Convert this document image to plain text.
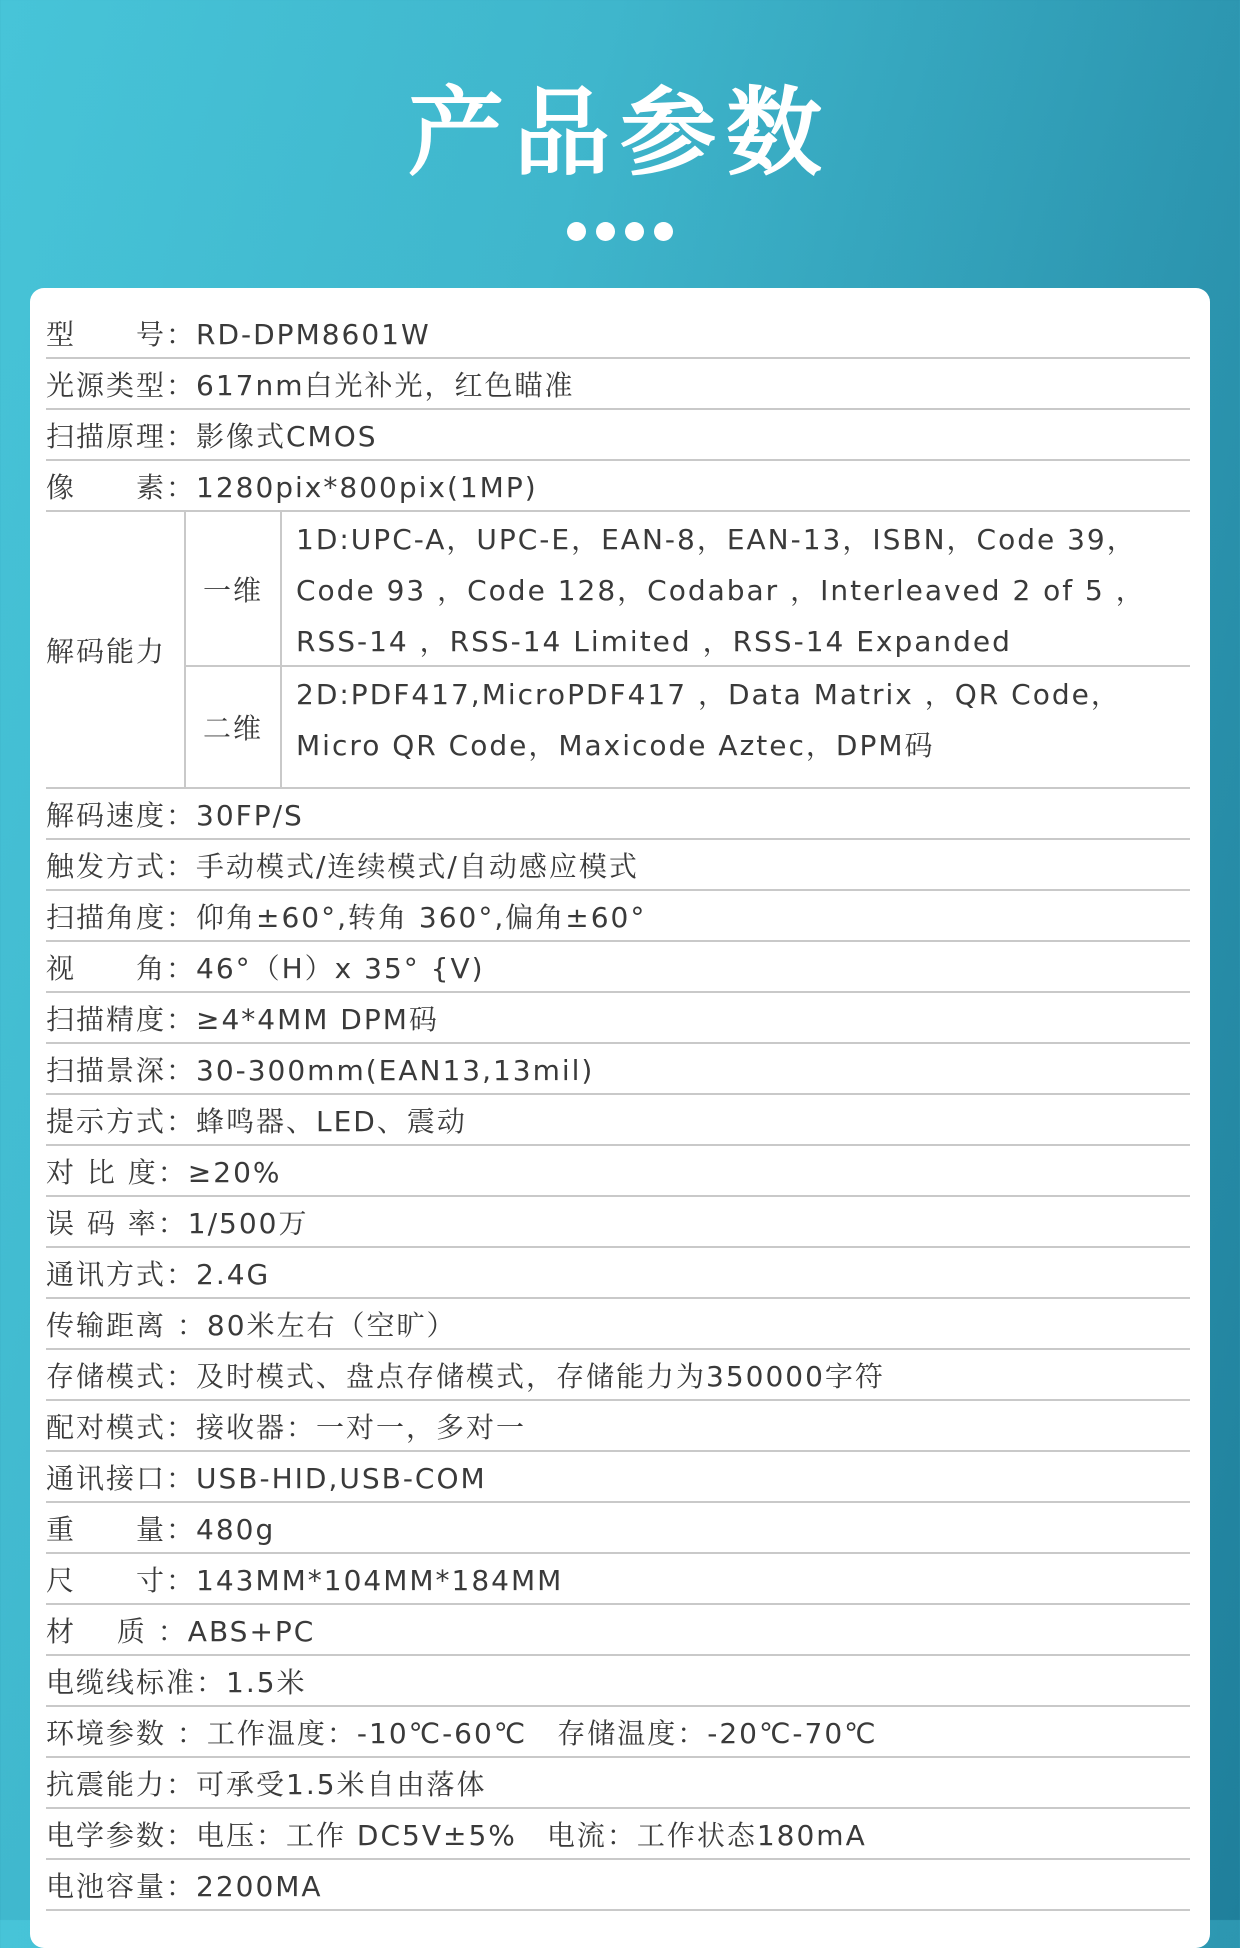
产品参数
型　　号：RD-DPM8601W
光源类型：617nm白光补光，红色瞄准
扫描原理：影像式CMOS
像　　素：1280pix*800pix(1MP)
解码能力
一维
1D:UPC-A，UPC-E，EAN-8，EAN-13，ISBN，Code 39，
Code 93 ，Code 128，Codabar ，Interleaved 2 of 5 ，
RSS-14 ，RSS-14 Limited ，RSS-14 Expanded
二维
2D:PDF417,MicroPDF417 ，Data Matrix ，QR Code，
Micro QR Code，Maxicode Aztec，DPM码
解码速度：30FP/S
触发方式：手动模式/连续模式/自动感应模式
扫描角度：仰角±60°,转角 360°,偏角±60°
视　　角：46°（H）x 35° {V)
扫描精度：≥4*4MM DPM码
扫描景深：30-300mm(EAN13,13mil)
提示方式：蜂鸣器、LED、震动
对 比 度：≥20%
误 码 率：1/500万
通讯方式：2.4G
传输距离 ：80米左右（空旷）
存储模式：及时模式、盘点存储模式，存储能力为350000字符
配对模式：接收器：一对一，多对一
通讯接口：USB-HID,USB-COM
重　　量：480g
尺　　寸：143MM*104MM*184MM
材　 质 ：ABS+PC
电缆线标准：1.5米
环境参数 ：工作温度：-10℃-60℃　存储温度：-20℃-70℃
抗震能力：可承受1.5米自由落体
电学参数：电压：工作 DC5V±5%　电流：工作状态180mA
电池容量：2200MA
